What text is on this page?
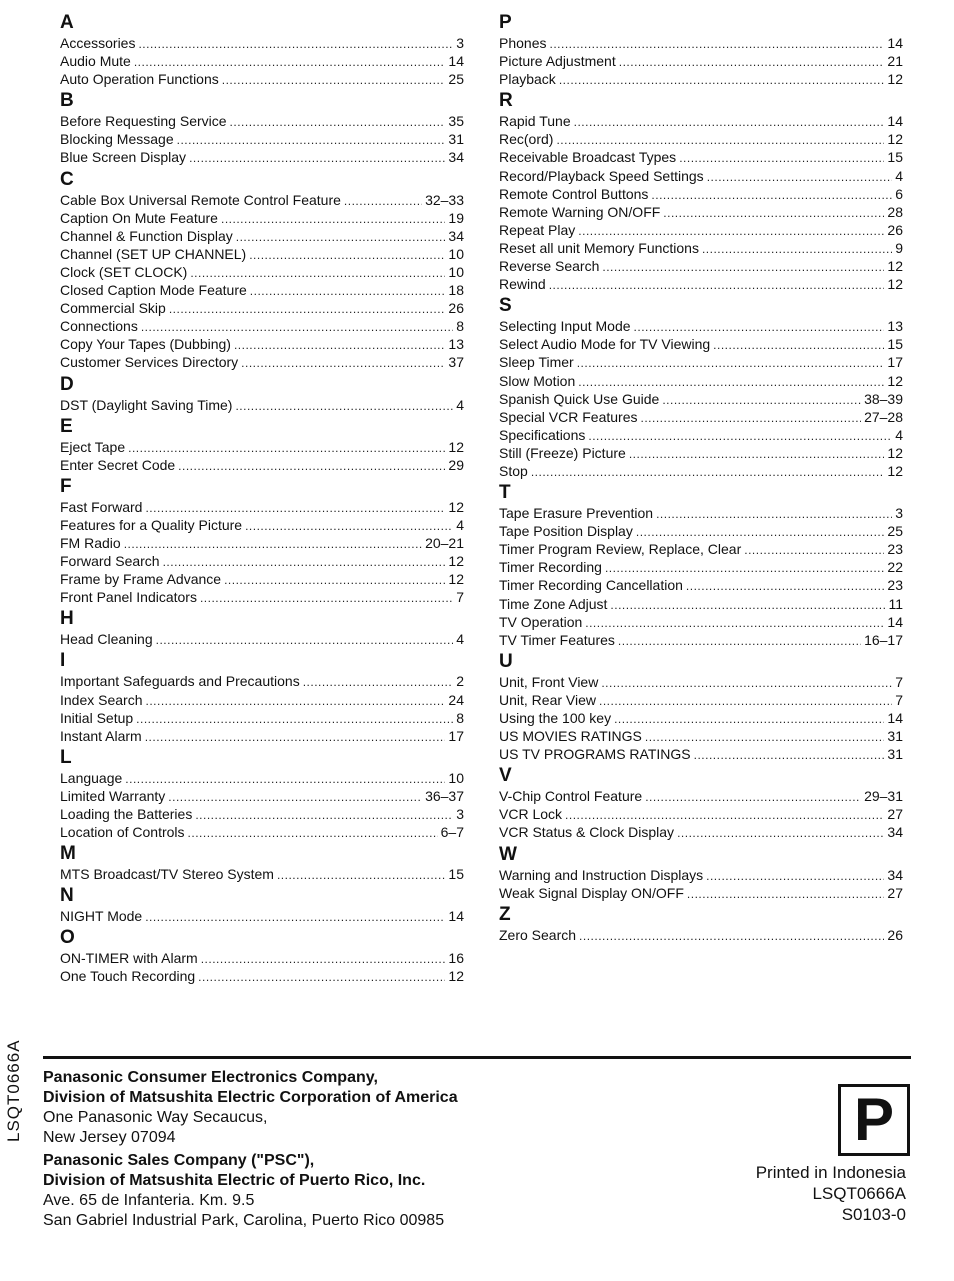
A
Accessories .....	3
Audio Mute .....	14
Auto Operation Functions .....	25
B
Before Requesting Service .....	35
Blocking Message .....	31
Blue Screen Display .....	34
C
Cable Box Universal Remote Control Feature .....	32–33
Caption On Mute Feature .....	19
Channel & Function Display .....	34
Channel (SET UP CHANNEL) .....	10
Clock (SET CLOCK) .....	10
Closed Caption Mode Feature .....	18
Commercial Skip .....	26
Connections .....	8
Copy Your Tapes (Dubbing) .....	13
Customer Services Directory .....	37
D
DST (Daylight Saving Time) .....	4
E
Eject Tape .....	12
Enter Secret Code .....	29
F
Fast Forward .....	12
Features for a Quality Picture .....	4
FM Radio .....	20–21
Forward Search .....	12
Frame by Frame Advance .....	12
Front Panel Indicators .....	7
H
Head Cleaning .....	4
I
Important Safeguards and Precautions .....	2
Index Search .....	24
Initial Setup .....	8
Instant Alarm .....	17
L
Language .....	10
Limited Warranty .....	36–37
Loading the Batteries .....	3
Location of Controls .....	6–7
M
MTS Broadcast/TV Stereo System .....	15
N
NIGHT Mode .....	14
O
ON-TIMER with Alarm .....	16
One Touch Recording .....	12
P
Phones .....	14
Picture Adjustment .....	21
Playback .....	12
R
Rapid Tune .....	14
Rec(ord) .....	12
Receivable Broadcast Types .....	15
Record/Playback Speed Settings .....	4
Remote Control Buttons .....	6
Remote Warning ON/OFF .....	28
Repeat Play .....	26
Reset all unit Memory Functions .....	9
Reverse Search .....	12
Rewind .....	12
S
Selecting Input Mode .....	13
Select Audio Mode for TV Viewing .....	15
Sleep Timer .....	17
Slow Motion .....	12
Spanish Quick Use Guide .....	38–39
Special VCR Features .....	27–28
Specifications .....	4
Still (Freeze) Picture .....	12
Stop .....	12
T
Tape Erasure Prevention .....	3
Tape Position Display .....	25
Timer Program Review, Replace, Clear .....	23
Timer Recording .....	22
Timer Recording Cancellation .....	23
Time Zone Adjust .....	11
TV Operation .....	14
TV Timer Features .....	16–17
U
Unit, Front View .....	7
Unit, Rear View .....	7
Using the 100 key .....	14
US MOVIES RATINGS .....	31
US TV PROGRAMS RATINGS .....	31
V
V-Chip Control Feature .....	29–31
VCR Lock .....	27
VCR Status & Clock Display .....	34
W
Warning and Instruction Displays .....	34
Weak Signal Display ON/OFF .....	27
Z
Zero Search .....	26
LSQT0666A	Panasonic Consumer Electronics Company,
Division of Matsushita Electric Corporation of America
One Panasonic Way Secaucus,
New Jersey 07094
Panasonic Sales Company ("PSC"),
Division of Matsushita Electric of Puerto Rico, Inc.
Ave. 65 de Infanteria. Km. 9.5
San Gabriel Industrial Park, Carolina, Puerto Rico 00985
P
Printed in Indonesia
LSQT0666A
S0103-0
